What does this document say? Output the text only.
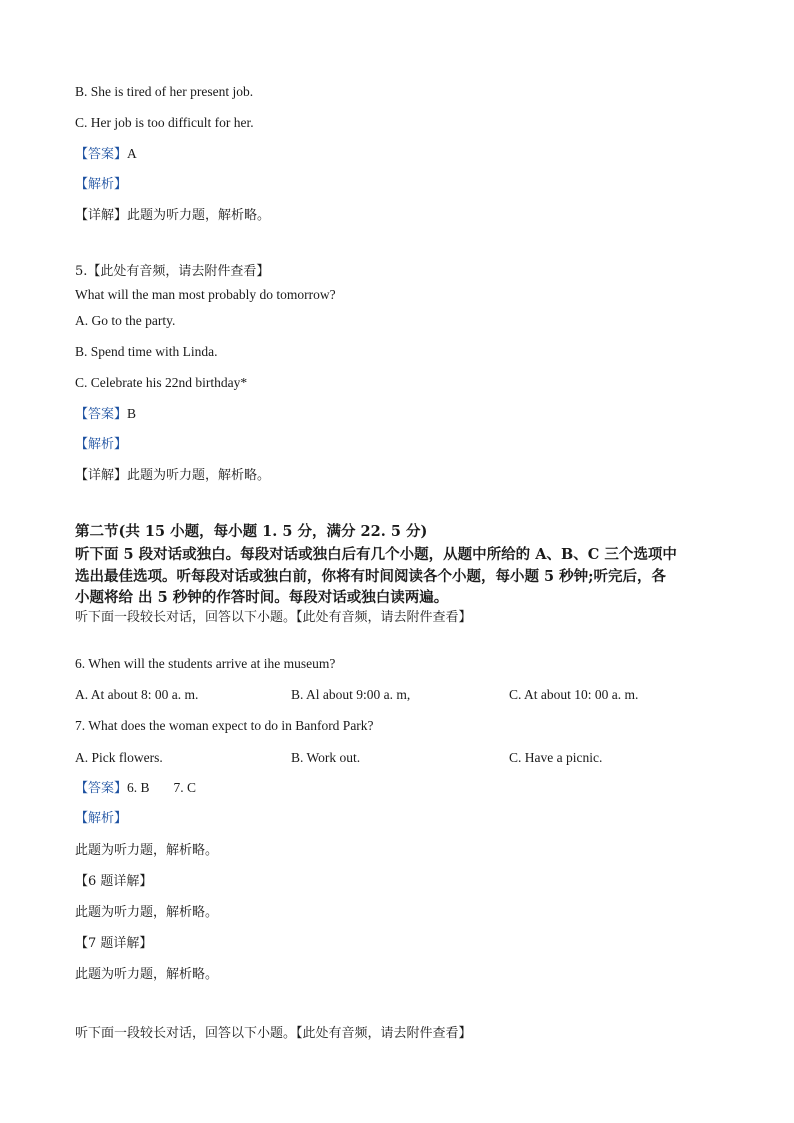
B. She is tired of her present job.
C. Her job is too difficult for her.
【答案】A
【解析】
【详解】此题为听力题，解析略。
5.【此处有音频，请去附件查看】
What will the man most probably do tomorrow?
A. Go to the party.
B. Spend time with Linda.
C. Celebrate his 22nd birthday*
【答案】B
【解析】
【详解】此题为听力题，解析略。
第二节(共 15 小题，每小题 1. 5 分，满分 22. 5 分)
听下面 5 段对话或独白。每段对话或独白后有几个小题，从题中所给的 A、B、C 三个选项中
选出最佳选项。听每段对话或独白前，你将有时间阅读各个小题，每小题 5 秒钟;听完后，各
小题将给 出 5 秒钟的作答时间。每段对话或独白读两遍。
听下面一段较长对话，回答以下小题。【此处有音频，请去附件查看】
6. When will the students arrive at ihe museum?
A. At about 8: 00 a. m.	B. Al about 9:00 a. m,	C. At about 10: 00 a. m.
7. What does the woman expect to do in Banford Park?
A. Pick flowers.	B. Work out.	C. Have a picnic.
【答案】6. B 7. C
【解析】
此题为听力题，解析略。
【6 题详解】
此题为听力题，解析略。
【7 题详解】
此题为听力题，解析略。
听下面一段较长对话，回答以下小题。【此处有音频，请去附件查看】
